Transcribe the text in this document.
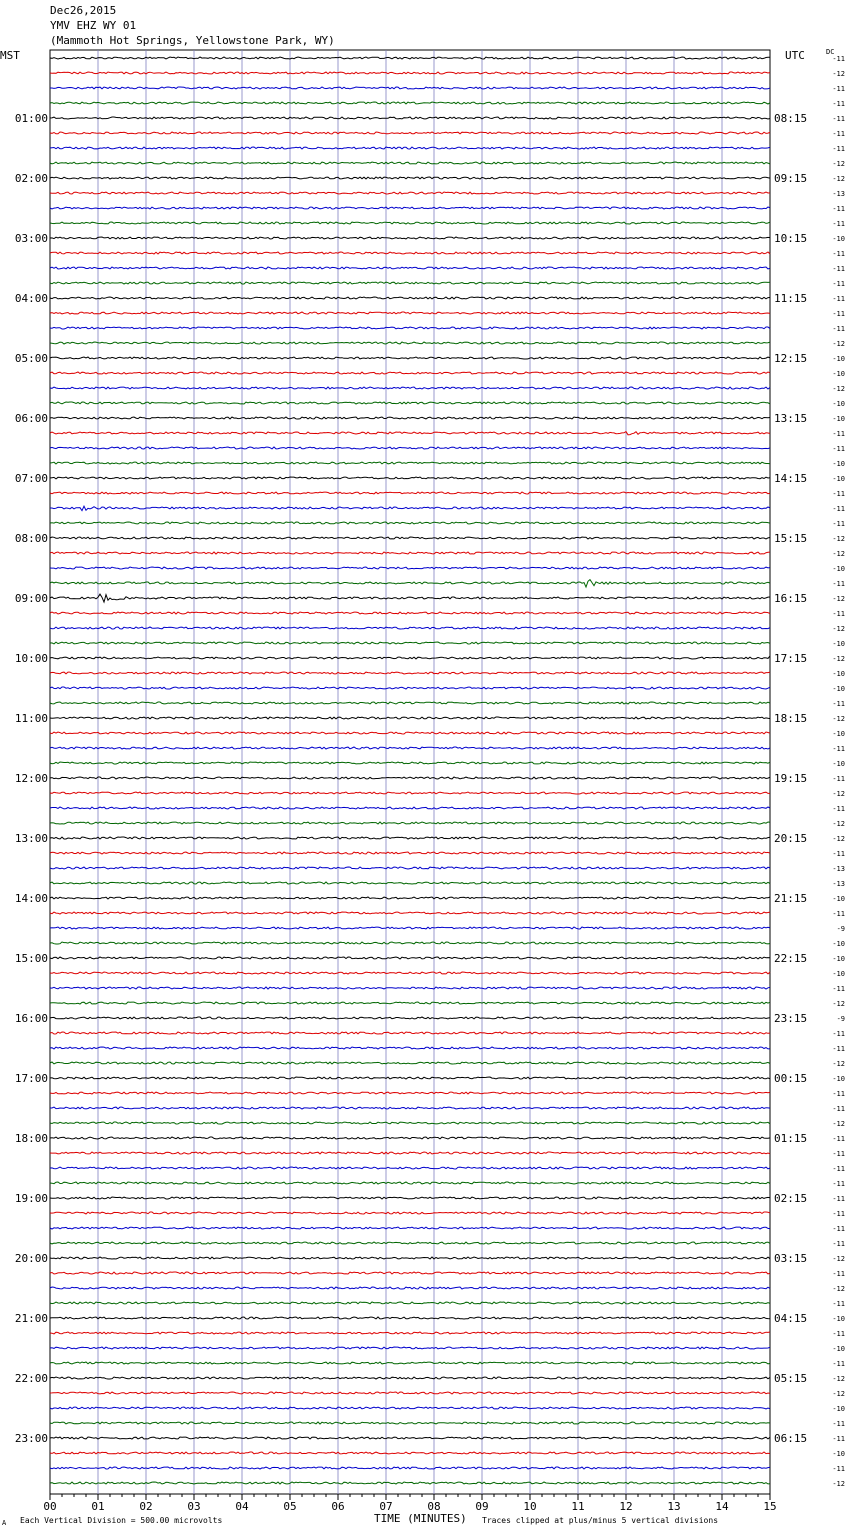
01:00
02:00
03:00
04:00
05:00
06:00
07:00
08:00
09:00
10:00
11:00
12:00
13:00
14:00
15:00
16:00
17:00
18:00
19:00
20:00
21:00
22:00
23:00
08:15
09:15
10:15
11:15
12:15
13:15
14:15
15:15
16:15
17:15
18:15
19:15
20:15
21:15
22:15
23:15
00:15
01:15
02:15
03:15
04:15
05:15
06:15
-11
-12
-11
-11
-11
-11
-11
-12
-12
-13
-11
-11
-10
-11
-11
-11
-11
-11
-11
-12
-10
-10
-12
-10
-10
-11
-11
-10
-10
-11
-11
-11
-12
-12
-10
-11
-12
-11
-12
-10
-12
-10
-10
-11
-12
-10
-11
-10
-11
-12
-11
-12
-12
-11
-13
-13
-10
-11
-9
-10
-10
-10
-11
-12
-9
-11
-11
-12
-10
-11
-11
-12
-11
-11
-11
-11
-11
-11
-11
-11
-12
-11
-12
-11
-10
-11
-10
-11
-12
-12
-10
-11
-11
-10
-11
-12
00	01	02	03	04	05	06	07	08	09	10	11	12	13	14	15
Dec26,2015
YMV EHZ WY 01
(Mammoth Hot Springs, Yellowstone Park, WY)
MST	UTC	DC
A Each Vertical Division = 500.00 microvolts	TIME (MINUTES) Traces clipped at plus/minus 5 vertical divisions
